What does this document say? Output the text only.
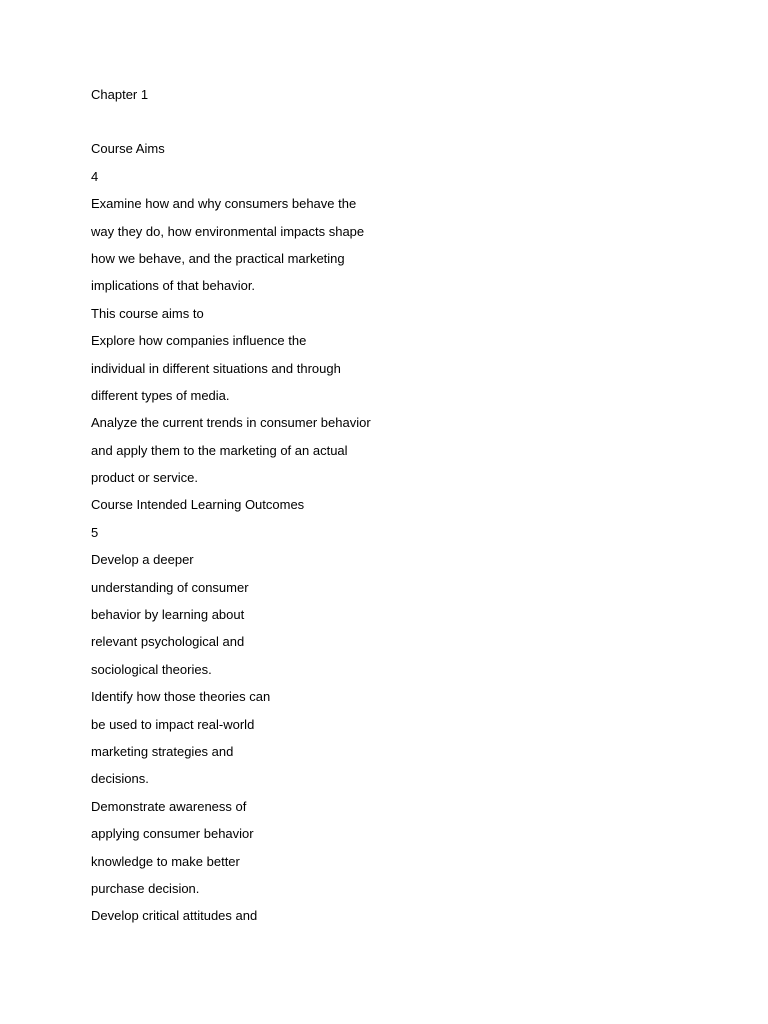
Chapter 1
Course Aims
4
Examine how and why consumers behave the
way they do, how environmental impacts shape
how we behave, and the practical marketing
implications of that behavior.
This course aims to
Explore how companies influence the
individual in different situations and through
different types of media.
Analyze the current trends in consumer behavior
and apply them to the marketing of an actual
product or service.
Course Intended Learning Outcomes
5
Develop a deeper
understanding of consumer
behavior by learning about
relevant psychological and
sociological theories.
Identify how those theories can
be used to impact real-world
marketing strategies and
decisions.
Demonstrate awareness of
applying consumer behavior
knowledge to make better
purchase decision.
Develop critical attitudes and
